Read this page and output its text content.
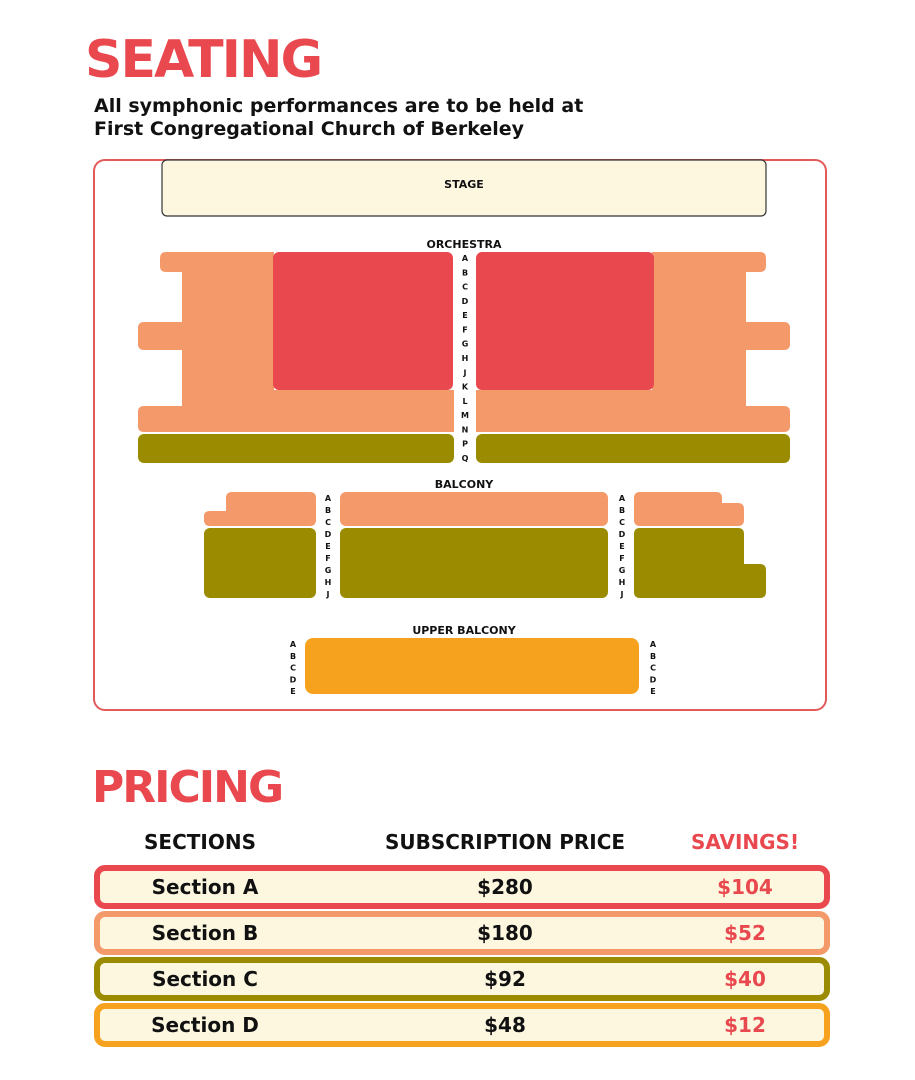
SEATING

All symphonic performances are to be held at

First Congregational Church of Berkeley

STAGE
ORCHESTRA
A
B
C
D
E
F
G
H
J
K
L
M
N
P
Q
BALCONY
A
B
C
D
E
F
G
H
J
A
B
C
D
E
F
G
H
J
UPPER BALCONY
A
B
C
D
E
A
B
C
D
E
PRICING
SECTIONS	SUBSCRIPTION PRICE	SAVINGS!
Section A	$280	$104
Section B	$180	$52
Section C	$92	$40
Section D	$48	$12
